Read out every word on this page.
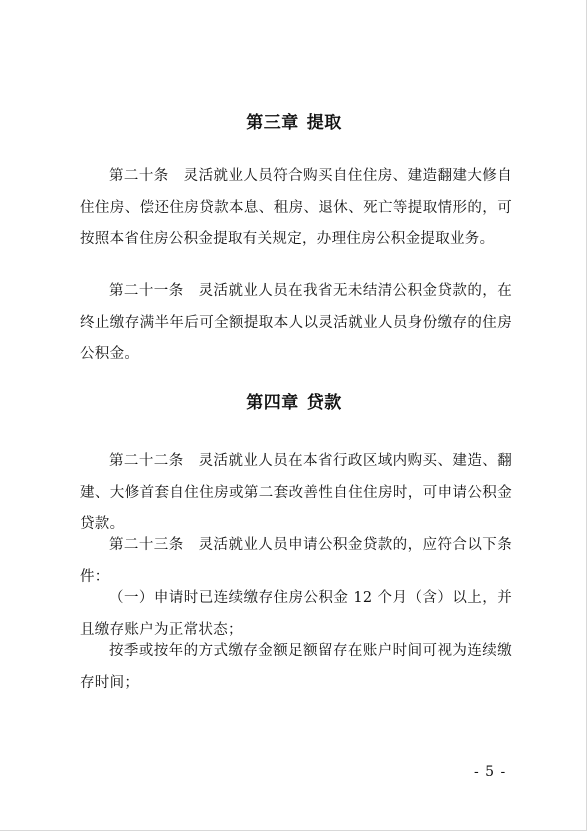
第三章 提取

第二十条　灵活就业人员符合购买自住住房、建造翻建大修自住住房、偿还住房贷款本息、租房、退休、死亡等提取情形的，可按照本省住房公积金提取有关规定，办理住房公积金提取业务。

第二十一条　灵活就业人员在我省无未结清公积金贷款的，在终止缴存满半年后可全额提取本人以灵活就业人员身份缴存的住房公积金。

第四章 贷款

第二十二条　灵活就业人员在本省行政区域内购买、建造、翻建、大修首套自住住房或第二套改善性自住住房时，可申请公积金贷款。

第二十三条　灵活就业人员申请公积金贷款的，应符合以下条件：

（一）申请时已连续缴存住房公积金 12 个月（含）以上，并且缴存账户为正常状态；

按季或按年的方式缴存金额足额留存在账户时间可视为连续缴存时间；

- 5 -
